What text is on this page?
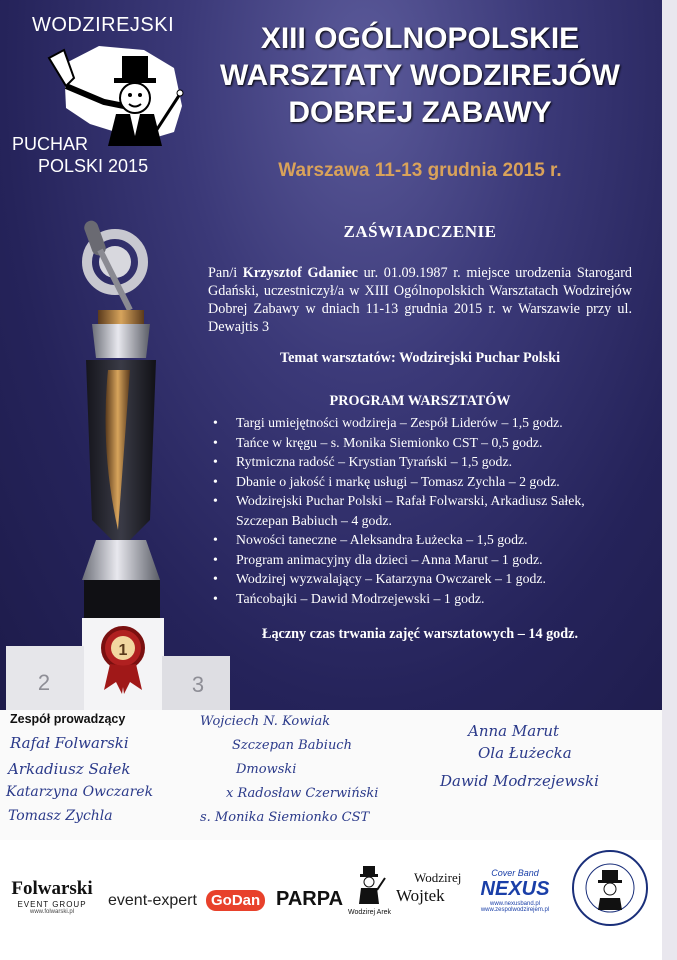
WODZIREJSKI
PUCHAR
POLSKI 2015
XIII OGÓLNOPOLSKIE
WARSZTATY WODZIREJÓW
DOBREJ ZABAWY
Warszawa 11-13 grudnia 2015 r.
1
2	3
ZAŚWIADCZENIE
Pan/i Krzysztof Gdaniec ur. 01.09.1987 r. miejsce urodzenia Starogard Gdański, uczestniczył/a w XIII Ogólnopolskich Warsztatach Wodzirejów Dobrej Zabawy w dniach 11-13 grudnia 2015 r. w Warszawie przy ul. Dewajtis 3
Temat warsztatów: Wodzirejski Puchar Polski
PROGRAM WARSZTATÓW
• Targi umiejętności wodzireja – Zespół Liderów – 1,5 godz.
• Tańce w kręgu – s. Monika Siemionko CST – 0,5 godz.
• Rytmiczna radość – Krystian Tyrański – 1,5 godz.
• Dbanie o jakość i markę usługi – Tomasz Zychla – 2 godz.
• Wodzirejski Puchar Polski – Rafał Folwarski, Arkadiusz Sałek, Szczepan Babiuch – 4 godz.
• Nowości taneczne – Aleksandra Łużecka – 1,5 godz.
• Program animacyjny dla dzieci – Anna Marut – 1 godz.
• Wodzirej wyzwalający – Katarzyna Owczarek – 1 godz.
• Tańcobajki – Dawid Modrzejewski – 1 godz.
Łączny czas trwania zajęć warsztatowych – 14 godz.
Zespół prowadzący
Rafał Folwarski
Arkadiusz Sałek
Katarzyna Owczarek
Tomasz Zychla
Wojciech N. Kowiak
Szczepan Babiuch
Dmowski
x Radosław Czerwiński
s. Monika Siemionko CST
Anna Marut
Ola Łużecka
Dawid Modrzejewski
Folwarski
EVENT GROUP
www.folwarski.pl
event-expert GoDan PARPA
Wodzirej Arek
Wodzirej
Wojtek
Cover Band
NEXUS
www.nexusband.pl
www.zespolwodzirejem.pl
